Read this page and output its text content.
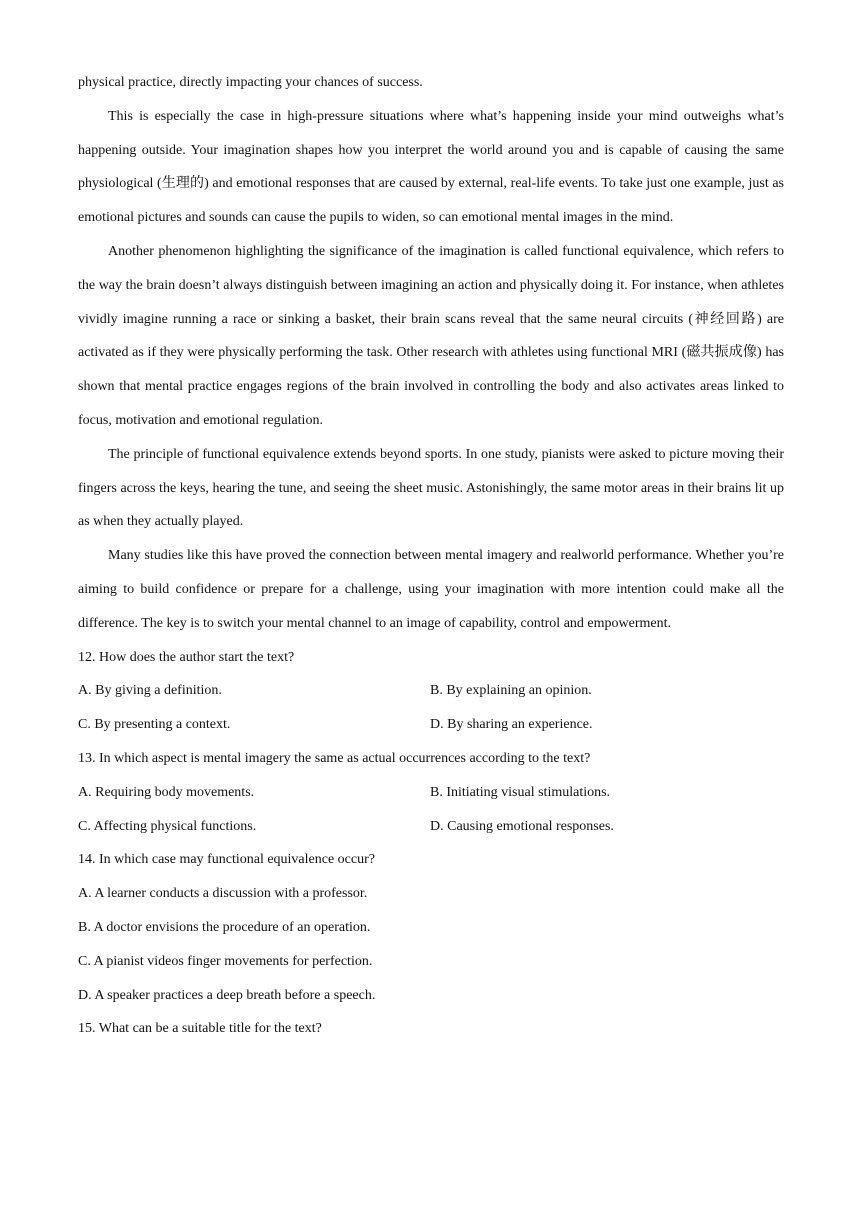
physical practice, directly impacting your chances of success.

This is especially the case in high-pressure situations where what’s happening inside your mind outweighs what’s happening outside. Your imagination shapes how you interpret the world around you and is capable of causing the same physiological (生理的) and emotional responses that are caused by external, real-life events. To take just one example, just as emotional pictures and sounds can cause the pupils to widen, so can emotional mental images in the mind.

Another phenomenon highlighting the significance of the imagination is called functional equivalence, which refers to the way the brain doesn’t always distinguish between imagining an action and physically doing it. For instance, when athletes vividly imagine running a race or sinking a basket, their brain scans reveal that the same neural circuits (神经回路) are activated as if they were physically performing the task. Other research with athletes using functional MRI (磁共振成像) has shown that mental practice engages regions of the brain involved in controlling the body and also activates areas linked to focus, motivation and emotional regulation.

The principle of functional equivalence extends beyond sports. In one study, pianists were asked to picture moving their fingers across the keys, hearing the tune, and seeing the sheet music. Astonishingly, the same motor areas in their brains lit up as when they actually played.

Many studies like this have proved the connection between mental imagery and realworld performance. Whether you’re aiming to build confidence or prepare for a challenge, using your imagination with more intention could make all the difference. The key is to switch your mental channel to an image of capability, control and empowerment.

12. How does the author start the text?

A. By giving a definition.	B. By explaining an opinion.
C. By presenting a context.	D. By sharing an experience.

13. In which aspect is mental imagery the same as actual occurrences according to the text?

A. Requiring body movements.	B. Initiating visual stimulations.
C. Affecting physical functions.	D. Causing emotional responses.

14. In which case may functional equivalence occur?

A. A learner conducts a discussion with a professor.
B. A doctor envisions the procedure of an operation.
C. A pianist videos finger movements for perfection.
D. A speaker practices a deep breath before a speech.

15. What can be a suitable title for the text?
